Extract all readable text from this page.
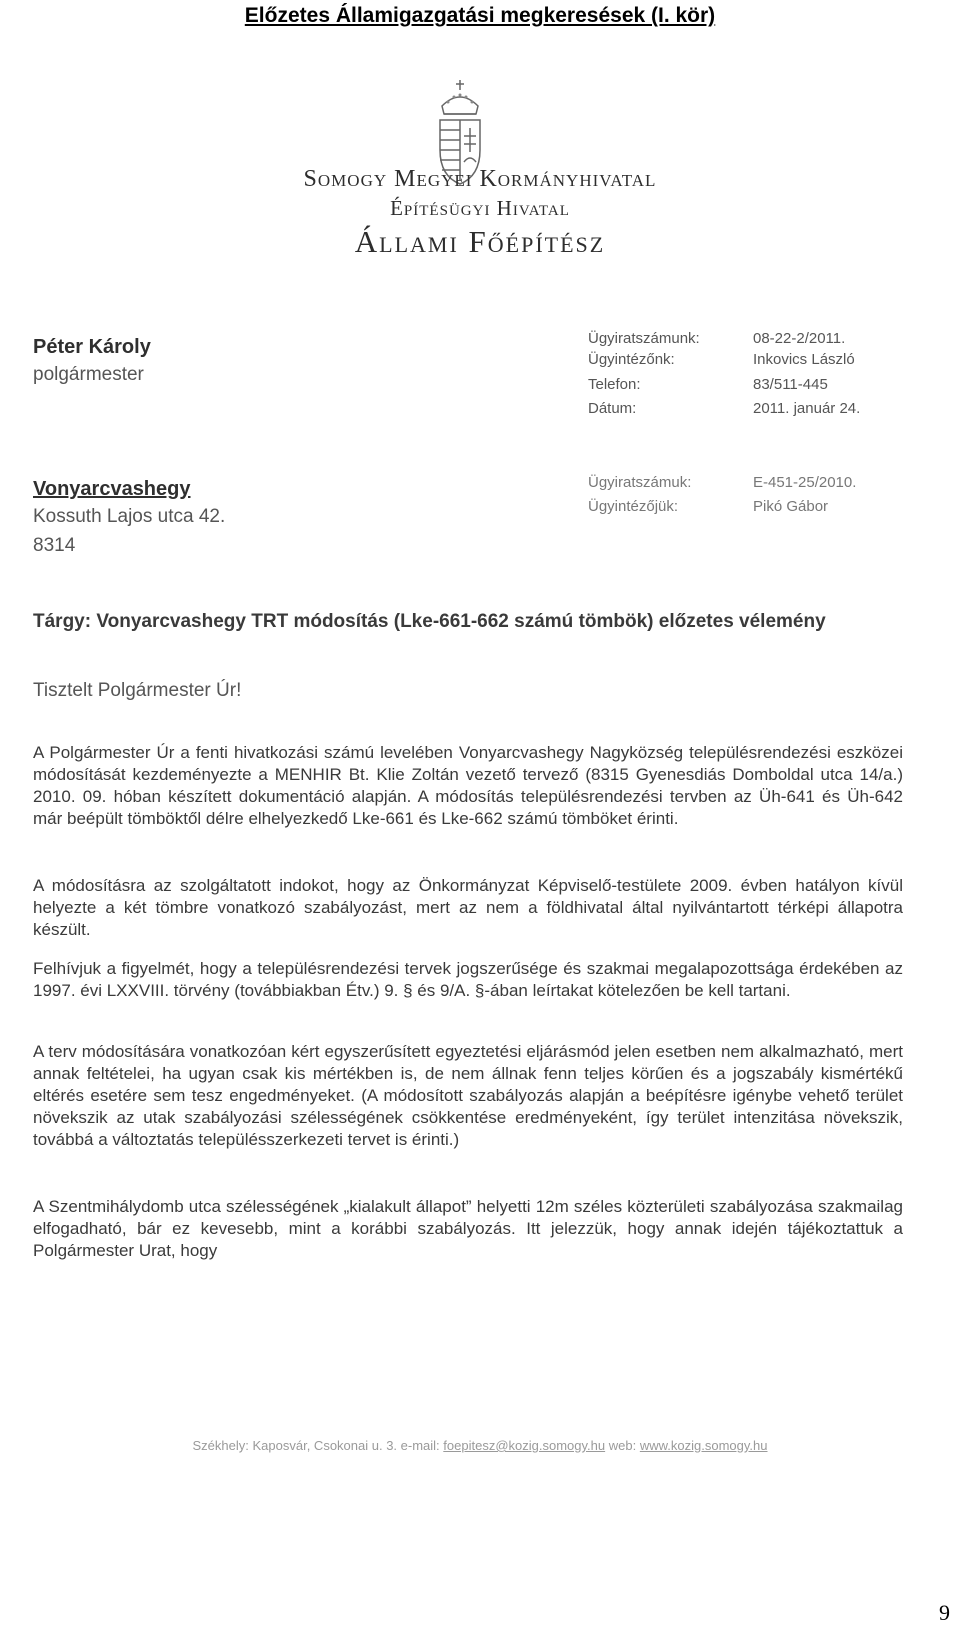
Előzetes Államigazgatási megkeresések (I. kör)
Somogy Megyei Kormányhivatal
Építésügyi Hivatal
Állami Főépítész
Péter Károly
polgármester
Vonyarcvashegy
Kossuth Lajos utca 42.
8314
Ügyiratszámunk:	08-22-2/2011.
Ügyintézőnk:	Inkovics László
Telefon:	83/511-445
Dátum:	2011. január 24.
Ügyiratszámuk:	E-451-25/2010.
Ügyintézőjük:	Pikó Gábor
Tárgy: Vonyarcvashegy TRT módosítás (Lke-661-662 számú tömbök) előzetes vélemény
Tisztelt Polgármester Úr!

A Polgármester Úr a fenti hivatkozási számú levelében Vonyarcvashegy Nagyközség településrendezési eszközei módosítását kezdeményezte a MENHIR Bt. Klie Zoltán vezető tervező (8315 Gyenesdiás Domboldal utca 14/a.) 2010. 09. hóban készített dokumentáció alapján. A módosítás településrendezési tervben az Üh-641 és Üh-642 már beépült tömböktől délre elhelyezkedő Lke-661 és Lke-662 számú tömböket érinti.

A módosításra az szolgáltatott indokot, hogy az Önkormányzat Képviselő-testülete 2009. évben hatályon kívül helyezte a két tömbre vonatkozó szabályozást, mert az nem a földhivatal által nyilvántartott térképi állapotra készült.

Felhívjuk a figyelmét, hogy a településrendezési tervek jogszerűsége és szakmai megalapozottsága érdekében az 1997. évi LXXVIII. törvény (továbbiakban Étv.) 9. § és 9/A. §-ában leírtakat kötelezően be kell tartani.

A terv módosítására vonatkozóan kért egyszerűsített egyeztetési eljárásmód jelen esetben nem alkalmazható, mert annak feltételei, ha ugyan csak kis mértékben is, de nem állnak fenn teljes körűen és a jogszabály kismértékű eltérés esetére sem tesz engedményeket. (A módosított szabályozás alapján a beépítésre igénybe vehető terület növekszik az utak szabályozási szélességének csökkentése eredményeként, így terület intenzitása növekszik, továbbá a változtatás településszerkezeti tervet is érinti.)

A Szentmihálydomb utca szélességének „kialakult állapot” helyetti 12m széles közterületi szabályozása szakmailag elfogadható, bár ez kevesebb, mint a korábbi szabályozás. Itt jelezzük, hogy annak idején tájékoztattuk a Polgármester Urat, hogy

Székhely: Kaposvár, Csokonai u. 3. e-mail: foepitesz@kozig.somogy.hu web: www.kozig.somogy.hu
9
